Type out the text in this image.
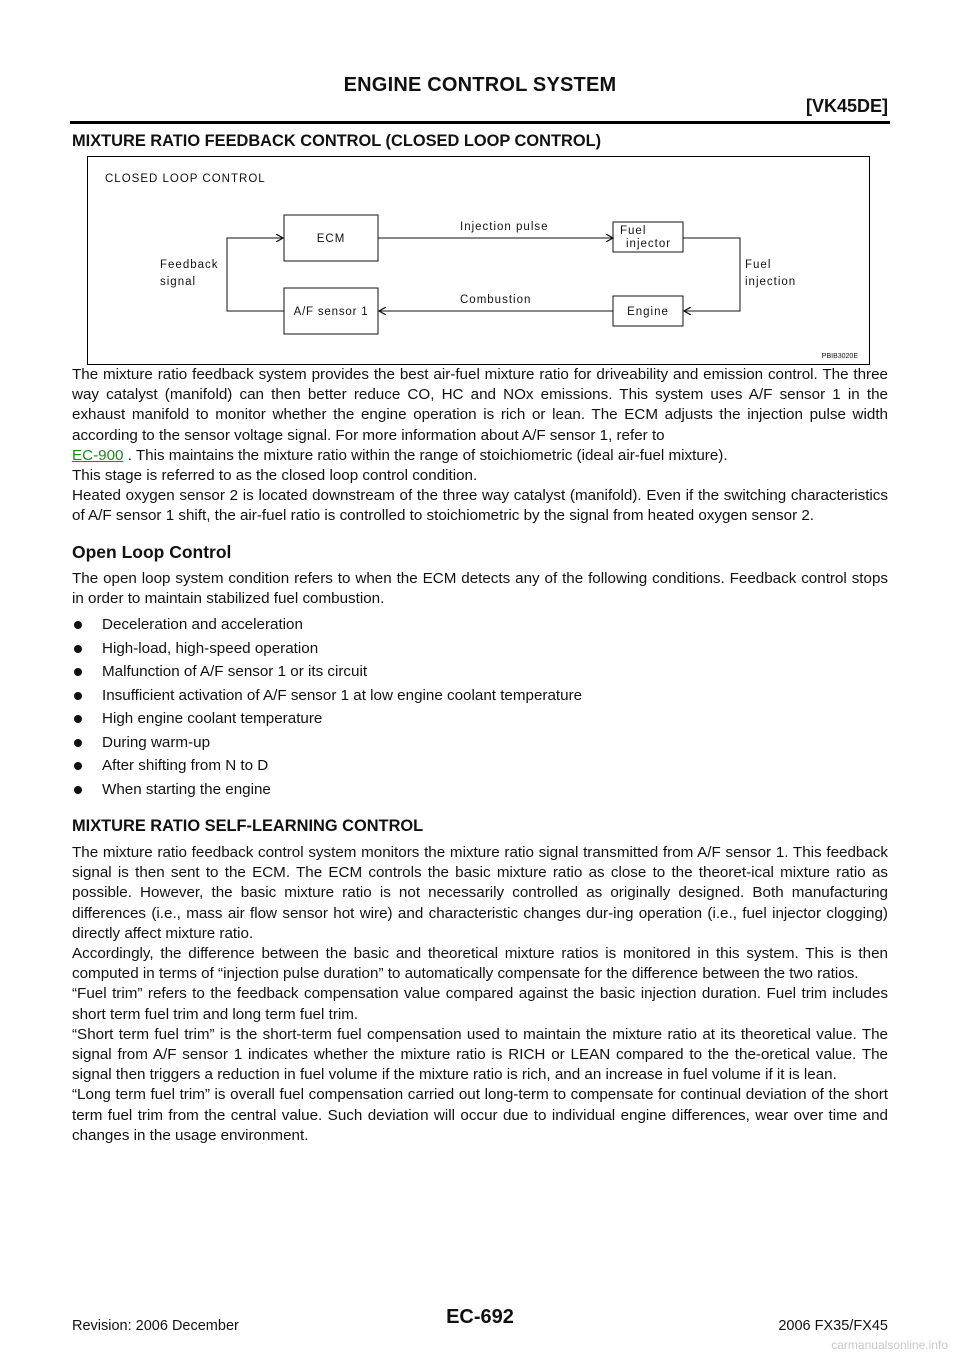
ENGINE CONTROL SYSTEM
[VK45DE]
MIXTURE RATIO FEEDBACK CONTROL (CLOSED LOOP CONTROL)
CLOSED LOOP CONTROL
ECM
A/F sensor 1
Fuel
injector
Engine
Injection pulse
Combustion
Fuel
injection
Feedback
signal
PBIB3020E

The mixture ratio feedback system provides the best air-fuel mixture ratio for driveability and emission control. The three way catalyst (manifold) can then better reduce CO, HC and NOx emissions. This system uses A/F sensor 1 in the exhaust manifold to monitor whether the engine operation is rich or lean. The ECM adjusts the injection pulse width according to the sensor voltage signal. For more information about A/F sensor 1, refer to
EC-900 . This maintains the mixture ratio within the range of stoichiometric (ideal air-fuel mixture).

This stage is referred to as the closed loop control condition.

Heated oxygen sensor 2 is located downstream of the three way catalyst (manifold). Even if the switching characteristics of A/F sensor 1 shift, the air-fuel ratio is controlled to stoichiometric by the signal from heated oxygen sensor 2.

Open Loop Control

The open loop system condition refers to when the ECM detects any of the following conditions. Feedback control stops in order to maintain stabilized fuel combustion.

Deceleration and acceleration
High-load, high-speed operation
Malfunction of A/F sensor 1 or its circuit
Insufficient activation of A/F sensor 1 at low engine coolant temperature
High engine coolant temperature
During warm-up
After shifting from N to D
When starting the engine
MIXTURE RATIO SELF-LEARNING CONTROL

The mixture ratio feedback control system monitors the mixture ratio signal transmitted from A/F sensor 1. This feedback signal is then sent to the ECM. The ECM controls the basic mixture ratio as close to the theoret-ical mixture ratio as possible. However, the basic mixture ratio is not necessarily controlled as originally designed. Both manufacturing differences (i.e., mass air flow sensor hot wire) and characteristic changes dur-ing operation (i.e., fuel injector clogging) directly affect mixture ratio.

Accordingly, the difference between the basic and theoretical mixture ratios is monitored in this system. This is then computed in terms of “injection pulse duration” to automatically compensate for the difference between the two ratios.

“Fuel trim” refers to the feedback compensation value compared against the basic injection duration. Fuel trim includes short term fuel trim and long term fuel trim.

“Short term fuel trim” is the short-term fuel compensation used to maintain the mixture ratio at its theoretical value. The signal from A/F sensor 1 indicates whether the mixture ratio is RICH or LEAN compared to the the-oretical value. The signal then triggers a reduction in fuel volume if the mixture ratio is rich, and an increase in fuel volume if it is lean.

“Long term fuel trim” is overall fuel compensation carried out long-term to compensate for continual deviation of the short term fuel trim from the central value. Such deviation will occur due to individual engine differences, wear over time and changes in the usage environment.

Revision: 2006 December	EC-692	2006 FX35/FX45
carmanualsonline.info
